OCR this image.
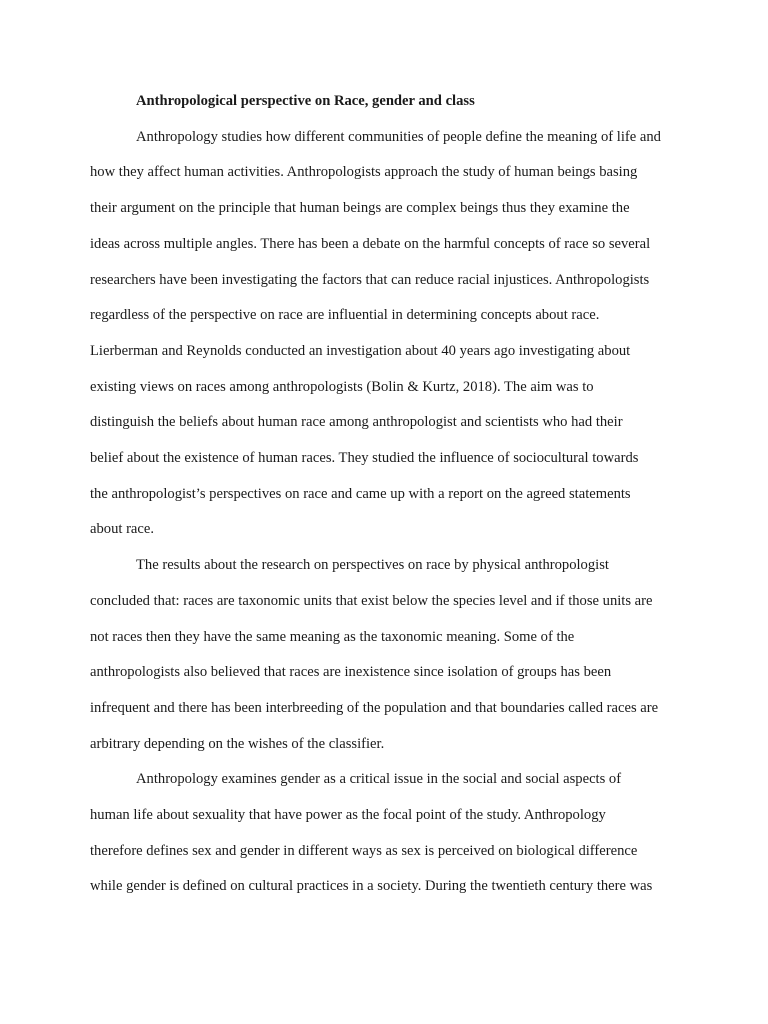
Anthropological perspective on Race, gender and class

Anthropology studies how different communities of people define the meaning of life and
how they affect human activities. Anthropologists approach the study of human beings basing
their argument on the principle that human beings are complex beings thus they examine the
ideas across multiple angles. There has been a debate on the harmful concepts of race so several
researchers have been investigating the factors that can reduce racial injustices. Anthropologists
regardless of the perspective on race are influential in determining concepts about race.
Lierberman and Reynolds conducted an investigation about 40 years ago investigating about
existing views on races among anthropologists (Bolin & Kurtz, 2018). The aim was to
distinguish the beliefs about human race among anthropologist and scientists who had their
belief about the existence of human races. They studied the influence of sociocultural towards
the anthropologist’s perspectives on race and came up with a report on the agreed statements
about race.

The results about the research on perspectives on race by physical anthropologist
concluded that: races are taxonomic units that exist below the species level and if those units are
not races then they have the same meaning as the taxonomic meaning. Some of the
anthropologists also believed that races are inexistence since isolation of groups has been
infrequent and there has been interbreeding of the population and that boundaries called races are
arbitrary depending on the wishes of the classifier.

Anthropology examines gender as a critical issue in the social and social aspects of
human life about sexuality that have power as the focal point of the study. Anthropology
therefore defines sex and gender in different ways as sex is perceived on biological difference
while gender is defined on cultural practices in a society. During the twentieth century there was
